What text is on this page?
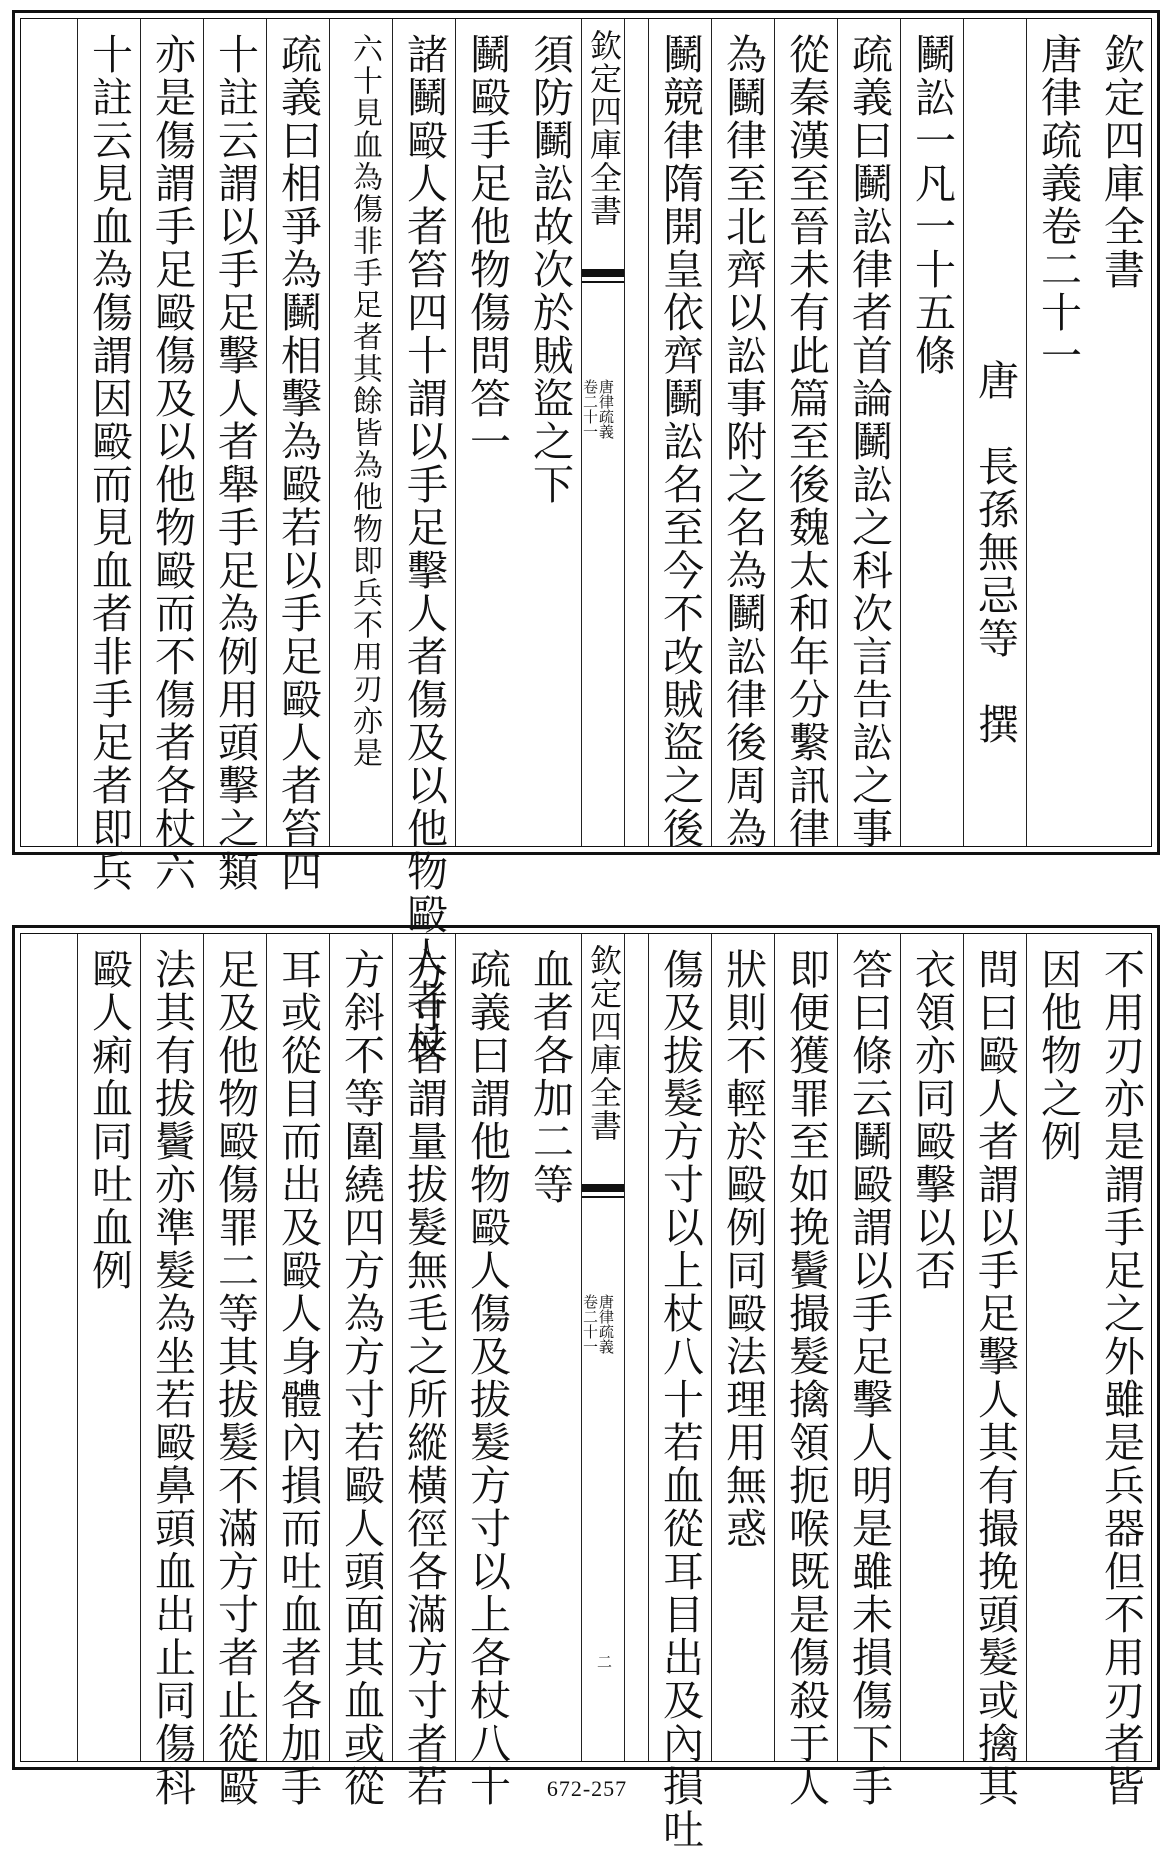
欽定四庫全書
唐律疏義卷二十一
唐　長孫無忌等　撰
鬭訟一凡一十五條
疏義曰鬭訟律者首論鬭訟之科次言告訟之事
從秦漢至晉未有此篇至後魏太和年分繫訊律
為鬭律至北齊以訟事附之名為鬭訟律後周為
鬭競律隋開皇依齊鬭訟名至今不改賊盜之後
欽定四庫全書
唐律疏義
卷二十一
須防鬭訟故次於賊盜之下
鬭毆手足他物傷問答一
諸鬭毆人者笞四十謂以手足擊人者傷及以他物毆人者杖
六十見血為傷非手足者其餘皆為他物即兵不用刃亦是
疏義曰相爭為鬭相擊為毆若以手足毆人者笞四
十註云謂以手足擊人者舉手足為例用頭擊之類
亦是傷謂手足毆傷及以他物毆而不傷者各杖六
十註云見血為傷謂因毆而見血者非手足者即兵
不用刃亦是謂手足之外雖是兵器但不用刃者皆
因他物之例
問曰毆人者謂以手足擊人其有撮挽頭髮或擒其
衣領亦同毆擊以否
答曰條云鬭毆謂以手足擊人明是雖未損傷下手
即便獲罪至如挽鬢撮髮擒領扼喉既是傷殺于人
狀則不輕於毆例同毆法理用無惑
傷及拔髮方寸以上杖八十若血從耳目出及內損吐
欽定四庫全書
唐律疏義
卷二十一
二
血者各加二等
疏義曰謂他物毆人傷及拔髮方寸以上各杖八十
方寸者謂量拔髮無毛之所縱橫徑各滿方寸者若
方斜不等圍繞四方為方寸若毆人頭面其血或從
耳或從目而出及毆人身體內損而吐血者各加手
足及他物毆傷罪二等其拔髮不滿方寸者止從毆
法其有拔鬢亦準髮為坐若毆鼻頭血出止同傷科
毆人痢血同吐血例
672-257
